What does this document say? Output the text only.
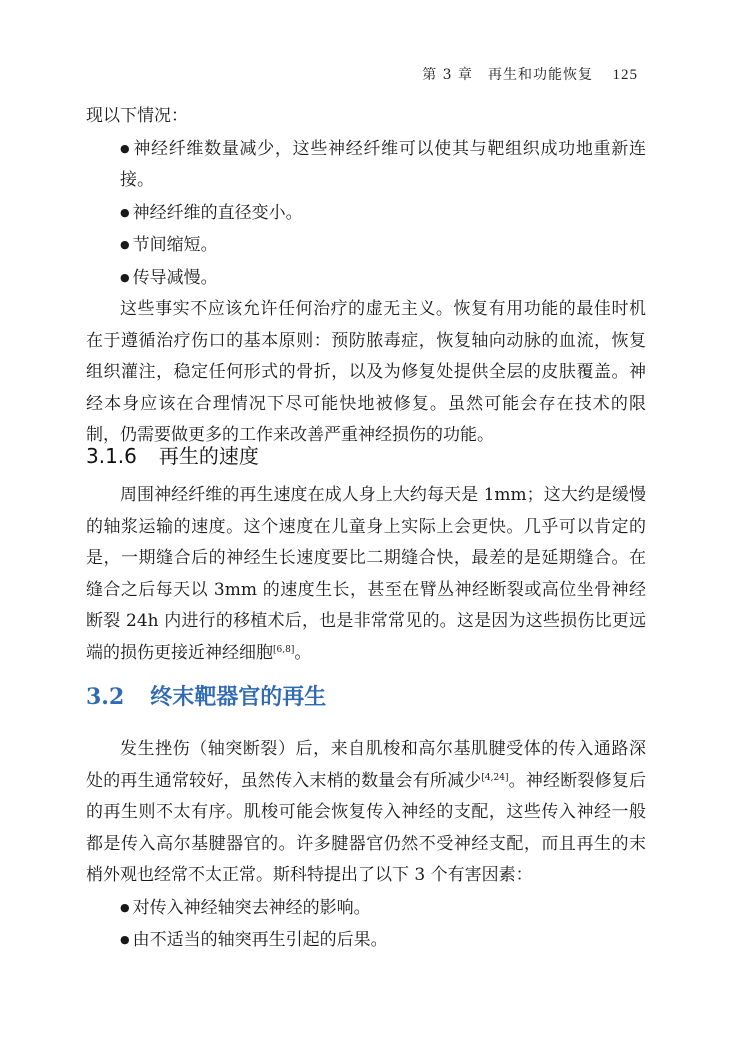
第 3 章　再生和功能恢复 125

现以下情况：

● 神经纤维数量减少，这些神经纤维可以使其与靶组织成功地重新连接。

● 神经纤维的直径变小。

● 节间缩短。

● 传导减慢。

这些事实不应该允许任何治疗的虚无主义。恢复有用功能的最佳时机在于遵循治疗伤口的基本原则：预防脓毒症，恢复轴向动脉的血流，恢复组织灌注，稳定任何形式的骨折，以及为修复处提供全层的皮肤覆盖。神经本身应该在合理情况下尽可能快地被修复。虽然可能会存在技术的限制，仍需要做更多的工作来改善严重神经损伤的功能。

3.1.6 再生的速度

周围神经纤维的再生速度在成人身上大约每天是 1mm；这大约是缓慢的轴浆运输的速度。这个速度在儿童身上实际上会更快。几乎可以肯定的是，一期缝合后的神经生长速度要比二期缝合快，最差的是延期缝合。在缝合之后每天以 3mm 的速度生长，甚至在臂丛神经断裂或高位坐骨神经断裂 24h 内进行的移植术后，也是非常常见的。这是因为这些损伤比更远端的损伤更接近神经细胞[6,8]。

3.2 终末靶器官的再生

发生挫伤（轴突断裂）后，来自肌梭和高尔基肌腱受体的传入通路深处的再生通常较好，虽然传入末梢的数量会有所减少[4,24]。神经断裂修复后的再生则不太有序。肌梭可能会恢复传入神经的支配，这些传入神经一般都是传入高尔基腱器官的。许多腱器官仍然不受神经支配，而且再生的末梢外观也经常不太正常。斯科特提出了以下 3 个有害因素：

● 对传入神经轴突去神经的影响。

● 由不适当的轴突再生引起的后果。
